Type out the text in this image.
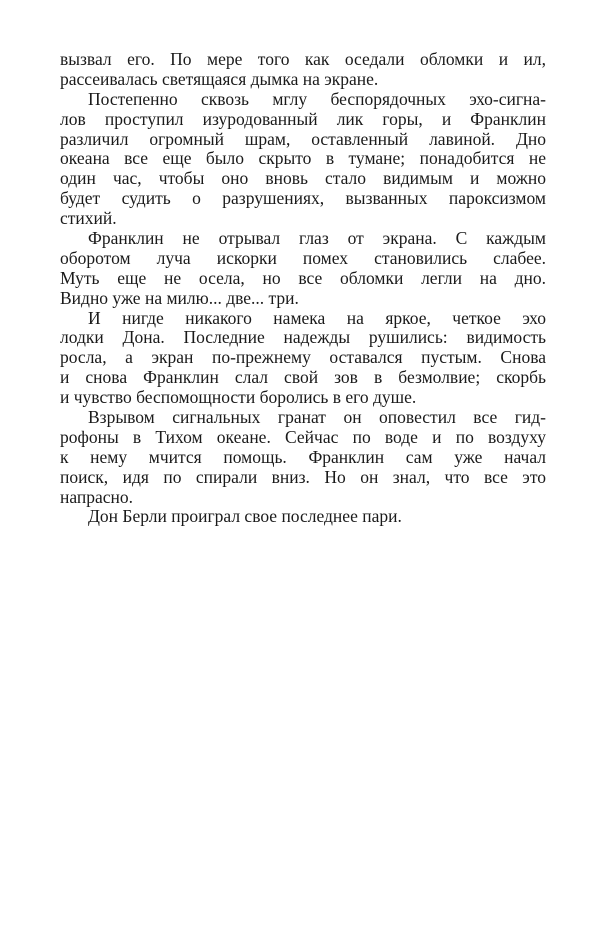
вызвал его. По мере того как оседали обломки и ил,
рассеивалась светящаяся дымка на экране.
Постепенно сквозь мглу беспорядочных эхо-сигна-
лов проступил изуродованный лик горы, и Франклин
различил огромный шрам, оставленный лавиной. Дно
океана все еще было скрыто в тумане; понадобится не
один час, чтобы оно вновь стало видимым и можно
будет судить о разрушениях, вызванных пароксизмом
стихий.
Франклин не отрывал глаз от экрана. С каждым
оборотом луча искорки помех становились слабее.
Муть еще не осела, но все обломки легли на дно.
Видно уже на милю... две... три.
И нигде никакого намека на яркое, четкое эхо
лодки Дона. Последние надежды рушились: видимость
росла, а экран по-прежнему оставался пустым. Снова
и снова Франклин слал свой зов в безмолвие; скорбь
и чувство беспомощности боролись в его душе.
Взрывом сигнальных гранат он оповестил все гид-
рофоны в Тихом океане. Сейчас по воде и по воздуху
к нему мчится помощь. Франклин сам уже начал
поиск, идя по спирали вниз. Но он знал, что все это
напрасно.
Дон Берли проиграл свое последнее пари.
